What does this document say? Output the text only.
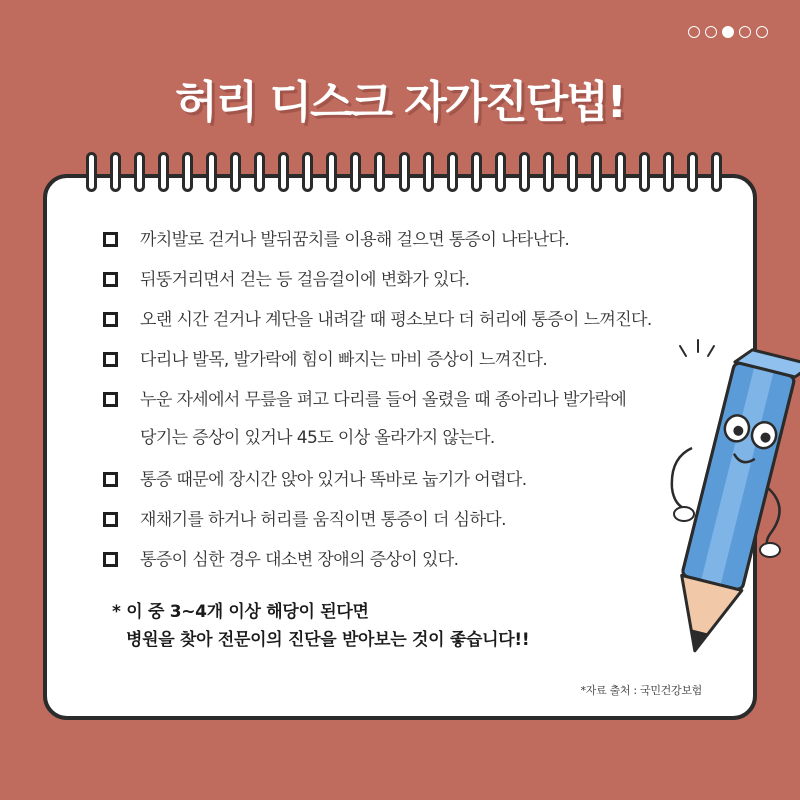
허리 디스크 자가진단법!
까치발로 걷거나 발뒤꿈치를 이용해 걸으면 통증이 나타난다.
뒤뚱거리면서 걷는 등 걸음걸이에 변화가 있다.
오랜 시간 걷거나 계단을 내려갈 때 평소보다 더 허리에 통증이 느껴진다.
다리나 발목, 발가락에 힘이 빠지는 마비 증상이 느껴진다.
누운 자세에서 무릎을 펴고 다리를 들어 올렸을 때 종아리나 발가락에
당기는 증상이 있거나 45도 이상 올라가지 않는다.
통증 때문에 장시간 앉아 있거나 똑바로 눕기가 어렵다.
재채기를 하거나 허리를 움직이면 통증이 더 심하다.
통증이 심한 경우 대소변 장애의 증상이 있다.
* 이 중 3~4개 이상 해당이 된다면
병원을 찾아 전문이의 진단을 받아보는 것이 좋습니다!!
*자료 출처 : 국민건강보험
